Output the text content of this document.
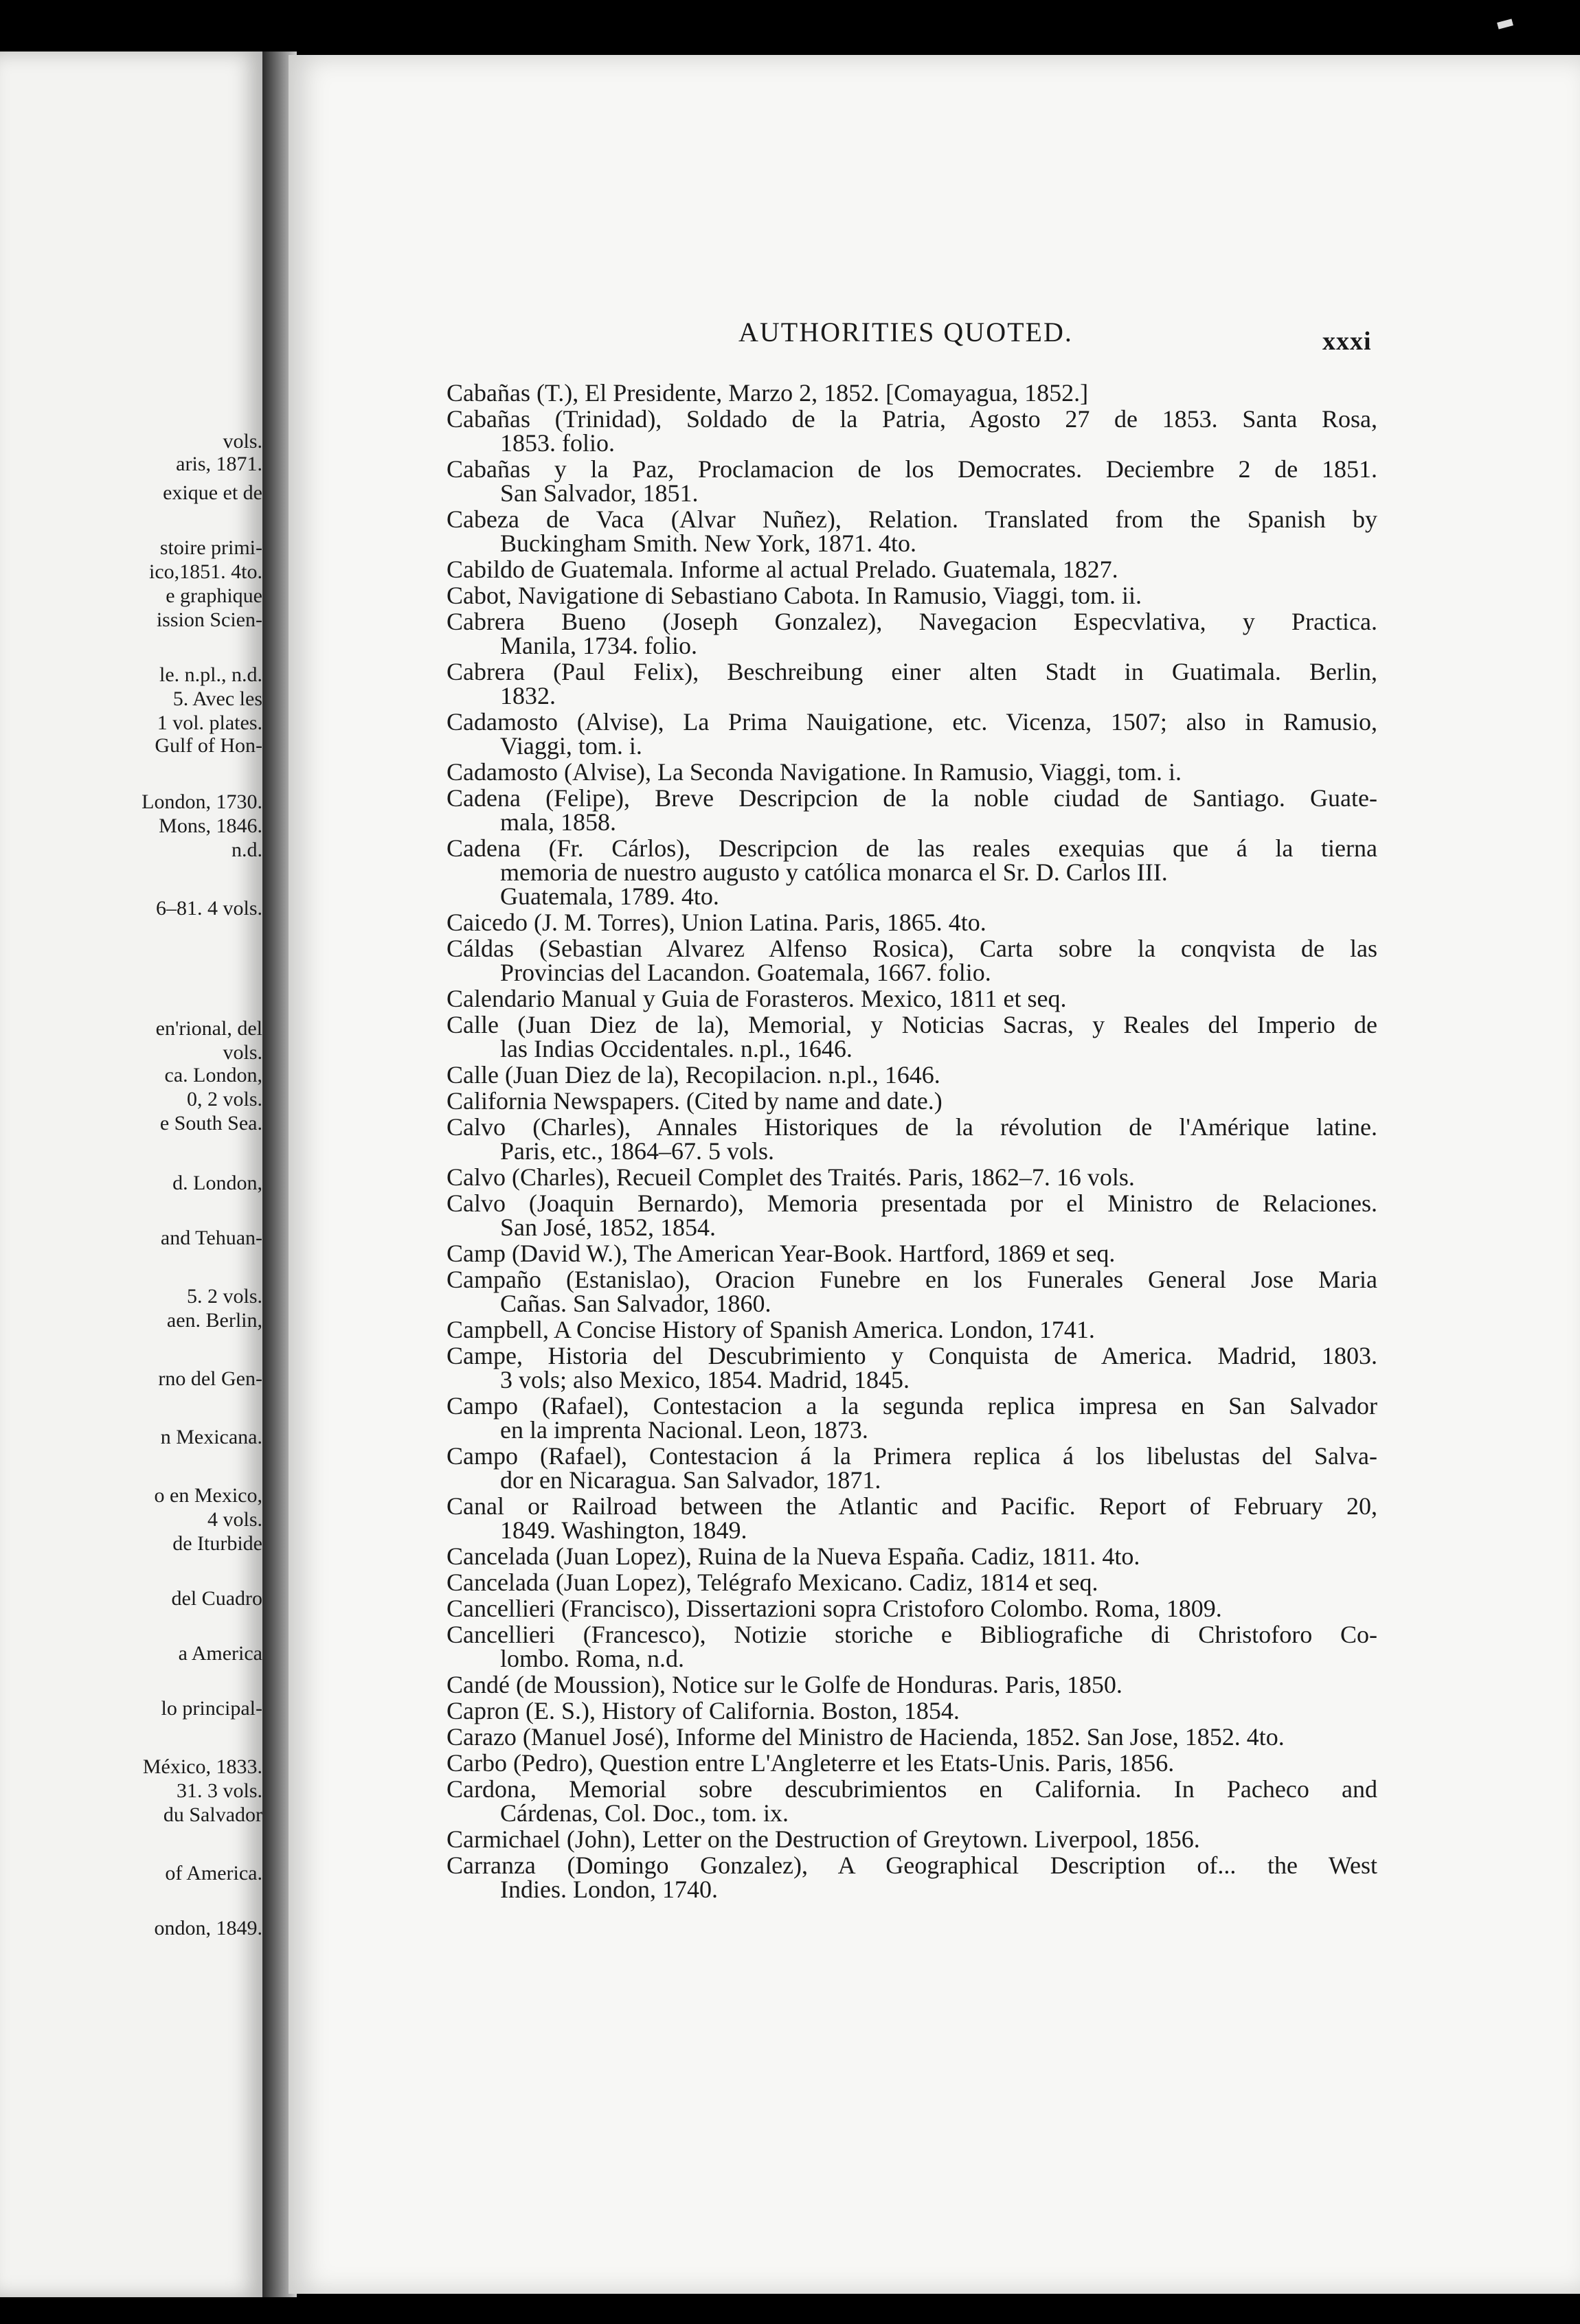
vols.
aris, 1871.
exique et de
stoire primi-
ico,1851. 4to.
e graphique
ission Scien-
le. n.pl., n.d.
5. Avec les
1 vol. plates.
Gulf of Hon-
London, 1730.
Mons, 1846.
n.d.
6–81. 4 vols.
en'rional, del
vols.
ca. London,
0, 2 vols.
e South Sea.
d. London,
and Tehuan-
5. 2 vols.
aen. Berlin,
rno del Gen-
n Mexicana.
o en Mexico,
4 vols.
de Iturbide
del Cuadro
a America
lo principal-
México, 1833.
31. 3 vols.
du Salvador
of America.
ondon, 1849.
AUTHORITIES QUOTED.	xxxi
Cabañas (T.), El Presidente, Marzo 2, 1852. [Comayagua, 1852.]
Cabañas (Trinidad), Soldado de la Patria, Agosto 27 de 1853. Santa Rosa,
1853. folio.
Cabañas y la Paz, Proclamacion de los Democrates. Deciembre 2 de 1851.
San Salvador, 1851.
Cabeza de Vaca (Alvar Nuñez), Relation. Translated from the Spanish by
Buckingham Smith. New York, 1871. 4to.
Cabildo de Guatemala. Informe al actual Prelado. Guatemala, 1827.
Cabot, Navigatione di Sebastiano Cabota. In Ramusio, Viaggi, tom. ii.
Cabrera Bueno (Joseph Gonzalez), Navegacion Especvlativa, y Practica.
Manila, 1734. folio.
Cabrera (Paul Felix), Beschreibung einer alten Stadt in Guatimala. Berlin,
1832.
Cadamosto (Alvise), La Prima Nauigatione, etc. Vicenza, 1507; also in Ramusio,
Viaggi, tom. i.
Cadamosto (Alvise), La Seconda Navigatione. In Ramusio, Viaggi, tom. i.
Cadena (Felipe), Breve Descripcion de la noble ciudad de Santiago. Guate-
mala, 1858.
Cadena (Fr. Cárlos), Descripcion de las reales exequias que á la tierna
memoria de nuestro augusto y católica monarca el Sr. D. Carlos III.
Guatemala, 1789. 4to.
Caicedo (J. M. Torres), Union Latina. Paris, 1865. 4to.
Cáldas (Sebastian Alvarez Alfenso Rosica), Carta sobre la conqvista de las
Provincias del Lacandon. Goatemala, 1667. folio.
Calendario Manual y Guia de Forasteros. Mexico, 1811 et seq.
Calle (Juan Diez de la), Memorial, y Noticias Sacras, y Reales del Imperio de
las Indias Occidentales. n.pl., 1646.
Calle (Juan Diez de la), Recopilacion. n.pl., 1646.
California Newspapers. (Cited by name and date.)
Calvo (Charles), Annales Historiques de la révolution de l'Amérique latine.
Paris, etc., 1864–67. 5 vols.
Calvo (Charles), Recueil Complet des Traités. Paris, 1862–7. 16 vols.
Calvo (Joaquin Bernardo), Memoria presentada por el Ministro de Relaciones.
San José, 1852, 1854.
Camp (David W.), The American Year-Book. Hartford, 1869 et seq.
Campaño (Estanislao), Oracion Funebre en los Funerales General Jose Maria
Cañas. San Salvador, 1860.
Campbell, A Concise History of Spanish America. London, 1741.
Campe, Historia del Descubrimiento y Conquista de America. Madrid, 1803.
3 vols; also Mexico, 1854. Madrid, 1845.
Campo (Rafael), Contestacion a la segunda replica impresa en San Salvador
en la imprenta Nacional. Leon, 1873.
Campo (Rafael), Contestacion á la Primera replica á los libelustas del Salva-
dor en Nicaragua. San Salvador, 1871.
Canal or Railroad between the Atlantic and Pacific. Report of February 20,
1849. Washington, 1849.
Cancelada (Juan Lopez), Ruina de la Nueva España. Cadiz, 1811. 4to.
Cancelada (Juan Lopez), Telégrafo Mexicano. Cadiz, 1814 et seq.
Cancellieri (Francisco), Dissertazioni sopra Cristoforo Colombo. Roma, 1809.
Cancellieri (Francesco), Notizie storiche e Bibliografiche di Christoforo Co-
lombo. Roma, n.d.
Candé (de Moussion), Notice sur le Golfe de Honduras. Paris, 1850.
Capron (E. S.), History of California. Boston, 1854.
Carazo (Manuel José), Informe del Ministro de Hacienda, 1852. San Jose, 1852. 4to.
Carbo (Pedro), Question entre L'Angleterre et les Etats-Unis. Paris, 1856.
Cardona, Memorial sobre descubrimientos en California. In Pacheco and
Cárdenas, Col. Doc., tom. ix.
Carmichael (John), Letter on the Destruction of Greytown. Liverpool, 1856.
Carranza (Domingo Gonzalez), A Geographical Description of... the West
Indies. London, 1740.
